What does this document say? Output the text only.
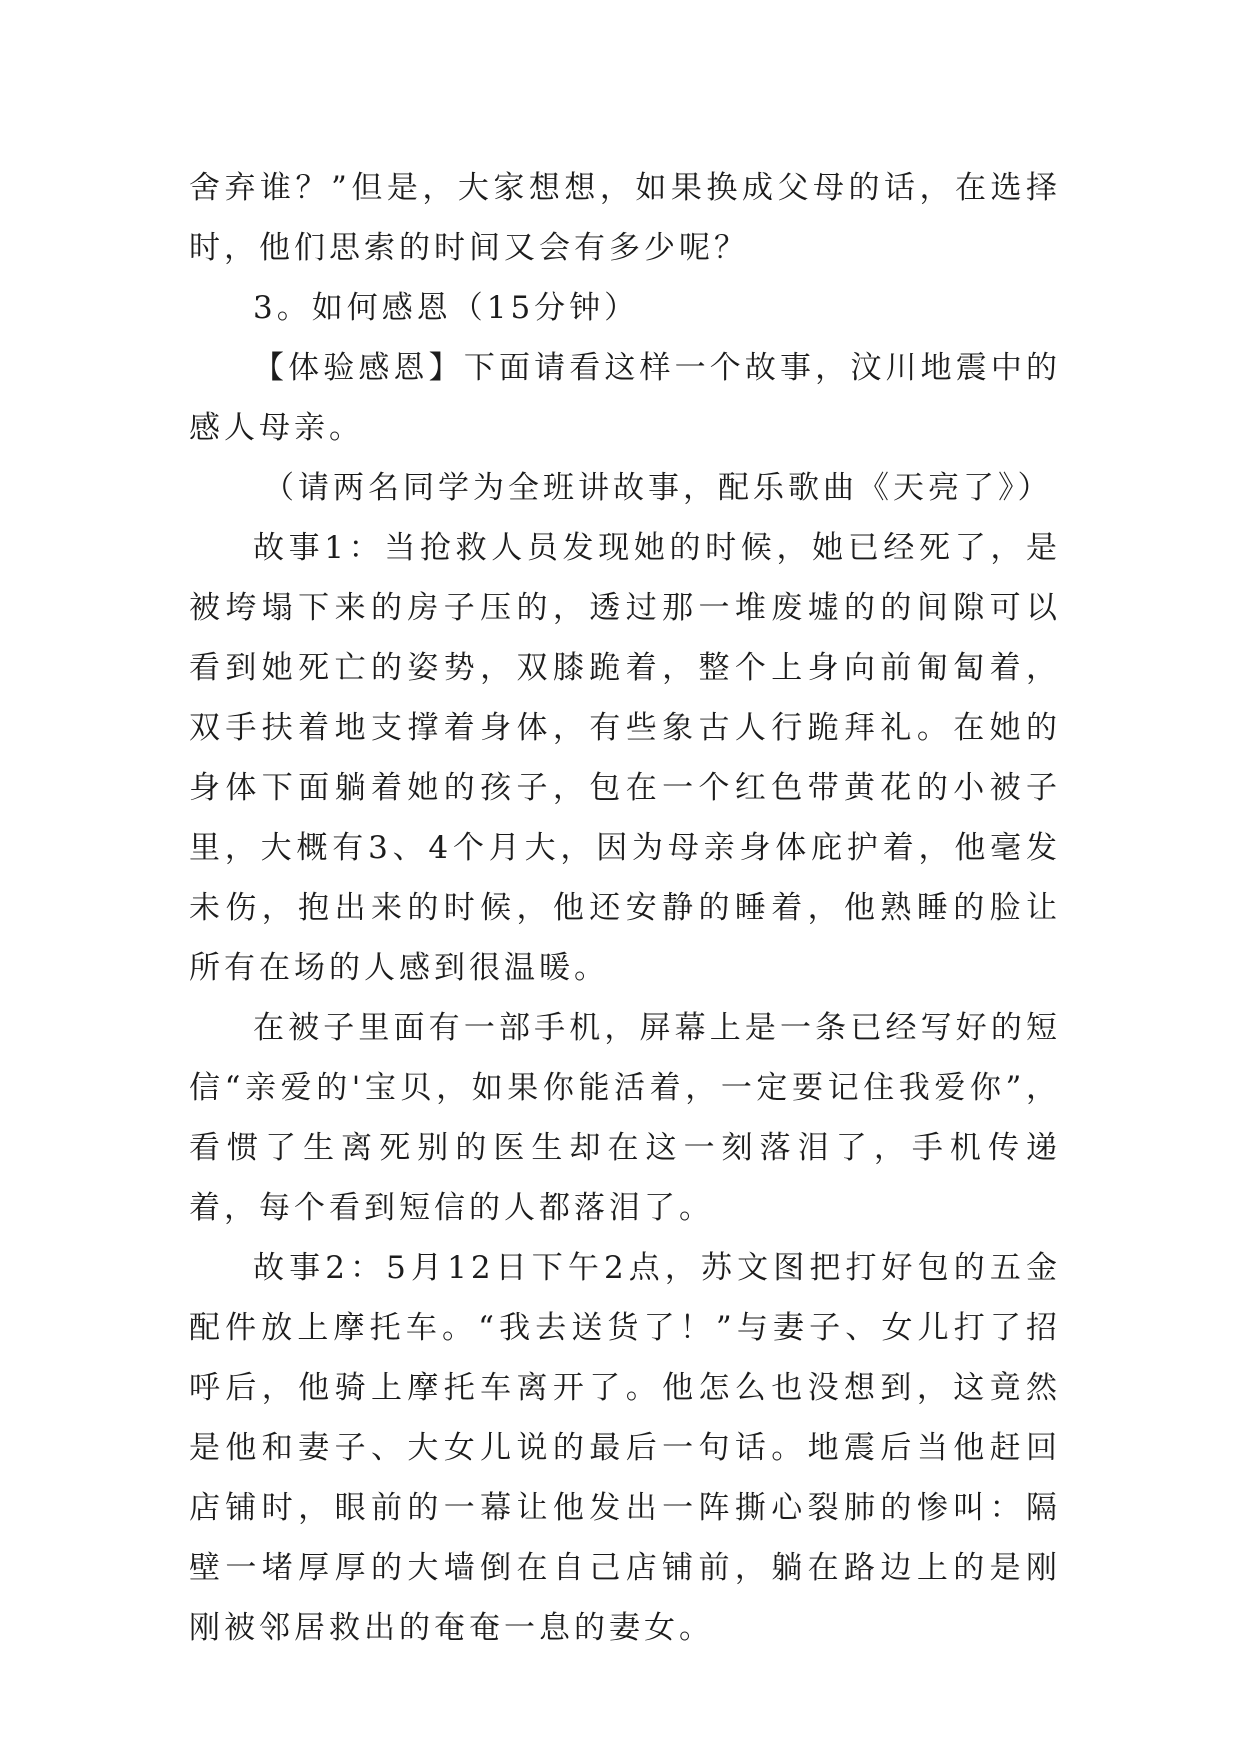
舍弃谁？”但是，大家想想，如果换成父母的话，在选择时，他们思索的时间又会有多少呢？

3。如何感恩（15分钟）

【体验感恩】下面请看这样一个故事，汶川地震中的感人母亲。

（请两名同学为全班讲故事，配乐歌曲《天亮了》）

故事1：当抢救人员发现她的时候，她已经死了，是被垮塌下来的房子压的，透过那一堆废墟的的间隙可以看到她死亡的姿势，双膝跪着，整个上身向前匍匐着，双手扶着地支撑着身体，有些象古人行跪拜礼。在她的身体下面躺着她的孩子，包在一个红色带黄花的小被子里，大概有3、4个月大，因为母亲身体庇护着，他毫发未伤，抱出来的时候，他还安静的睡着，他熟睡的脸让所有在场的人感到很温暖。

在被子里面有一部手机，屏幕上是一条已经写好的短信“亲爱的'宝贝，如果你能活着，一定要记住我爱你”，看惯了生离死别的医生却在这一刻落泪了，手机传递着，每个看到短信的人都落泪了。

故事2：5月12日下午2点，苏文图把打好包的五金配件放上摩托车。“我去送货了！”与妻子、女儿打了招呼后，他骑上摩托车离开了。他怎么也没想到，这竟然是他和妻子、大女儿说的最后一句话。地震后当他赶回店铺时，眼前的一幕让他发出一阵撕心裂肺的惨叫：隔壁一堵厚厚的大墙倒在自己店铺前，躺在路边上的是刚刚被邻居救出的奄奄一息的妻女。
